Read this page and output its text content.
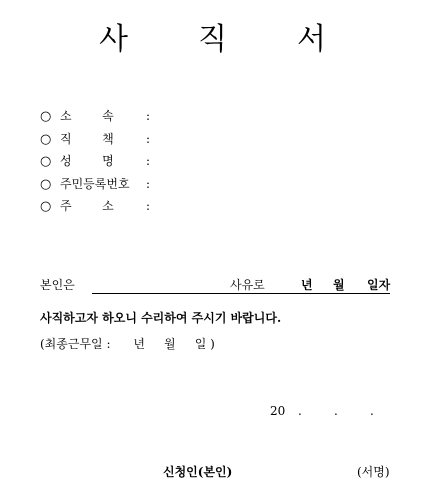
사 직 서
○ 소        속	:
○ 직        책	:
○ 성        명	:
○ 주민등록번호 :
○ 주        소	:
본인은	사유로	년 월 일자
사직하고자 하오니 수리하여 주시기 바랍니다.
(최종근무일 :      년     월     일 )
20 .	.	.
신청인(본인)	(서명)
